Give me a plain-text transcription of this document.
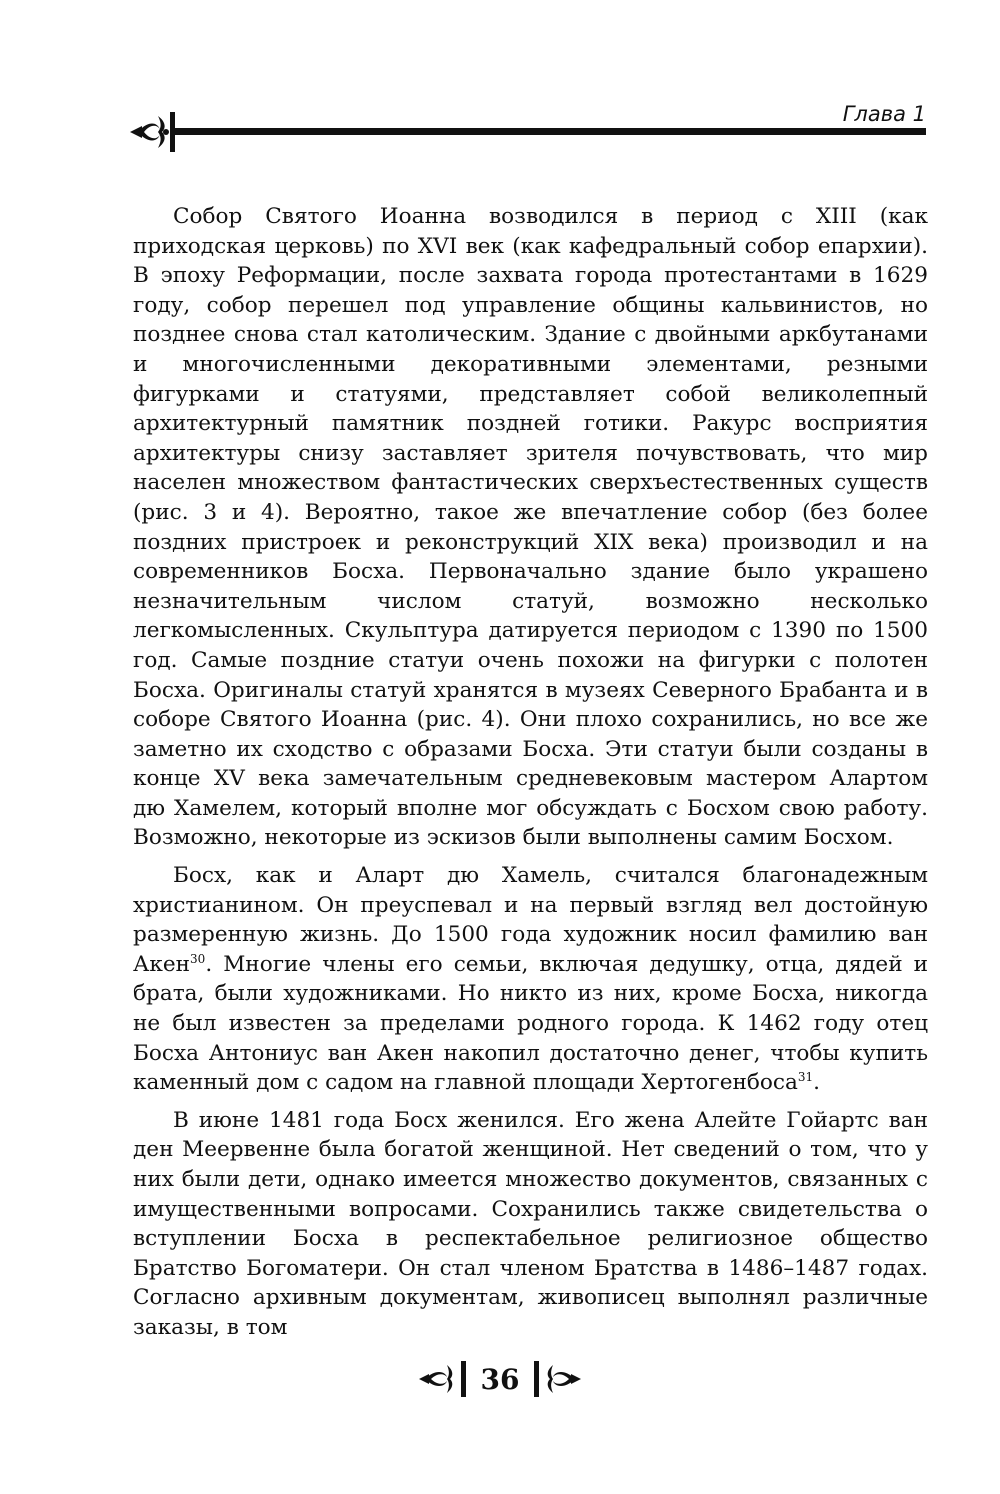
Глава 1

Собор Святого Иоанна возводился в период с XIII (как приходская церковь) по XVI век (как кафедральный собор епархии). В эпоху Реформации, после захвата города протестантами в 1629 году, собор перешел под управление общины кальвинистов, но позднее снова стал католическим. Здание с двойными аркбутанами и многочисленными декоративными элементами, резными фигурками и статуями, представляет собой великолепный архитектурный памятник поздней готики. Ракурс восприятия архитектуры снизу заставляет зрителя почувствовать, что мир населен множеством фантастических сверхъестественных существ (рис. 3 и 4). Вероятно, такое же впечатление собор (без более поздних пристроек и реконструкций XIX века) производил и на современников Босха. Первоначально здание было украшено незначительным числом статуй, возможно несколько легкомысленных. Скульптура датируется периодом с 1390 по 1500 год. Самые поздние статуи очень похожи на фигурки с полотен Босха. Оригиналы статуй хранятся в музеях Северного Брабанта и в соборе Святого Иоанна (рис. 4). Они плохо сохранились, но все же заметно их сходство с образами Босха. Эти статуи были созданы в конце XV века замечательным средневековым мастером Алартом дю Хамелем, который вполне мог обсуждать с Босхом свою работу. Возможно, некоторые из эскизов были выполнены самим Босхом.

Босх, как и Аларт дю Хамель, считался благонадежным христианином. Он преуспевал и на первый взгляд вел достойную размеренную жизнь. До 1500 года художник носил фамилию ван Акен$^{30}$. Многие члены его семьи, включая дедушку, отца, дядей и брата, были художниками. Но никто из них, кроме Босха, никогда не был известен за пределами родного города. К 1462 году отец Босха Антониус ван Акен накопил достаточно денег, чтобы купить каменный дом с садом на главной площади Хертогенбоса$^{31}$.

В июне 1481 года Босх женился. Его жена Алейте Гойартс ван ден Меервенне была богатой женщиной. Нет сведений о том, что у них были дети, однако имеется множество документов, связанных с имущественными вопросами. Сохранились также свидетельства о вступлении Босха в респектабельное религиозное общество Братство Богоматери. Он стал членом Братства в 1486–1487 годах. Согласно архивным документам, живописец выполнял различные заказы, в том

36
